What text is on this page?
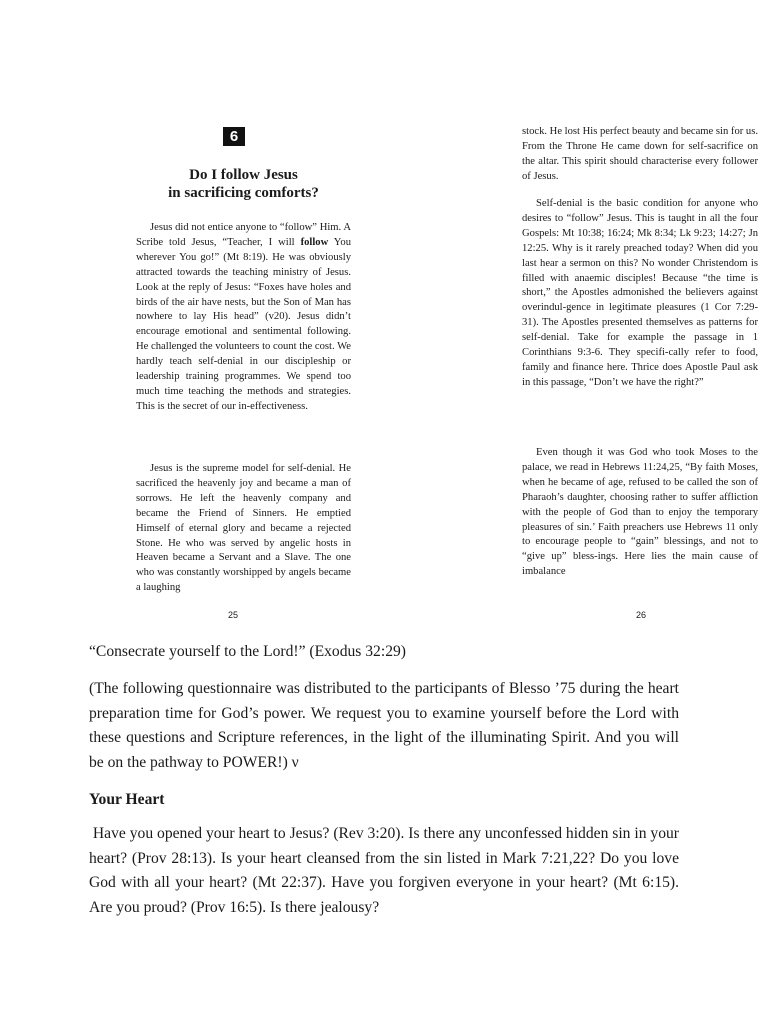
6
Do I follow Jesus
in sacrificing comforts?

Jesus did not entice anyone to “follow” Him. A Scribe told Jesus, “Teacher, I will follow You wherever You go!” (Mt 8:19). He was obviously attracted towards the teaching ministry of Jesus. Look at the reply of Jesus: “Foxes have holes and birds of the air have nests, but the Son of Man has nowhere to lay His head” (v20). Jesus didn’t encourage emotional and sentimental following. He challenged the volunteers to count the cost. We hardly teach self-denial in our discipleship or leadership training programmes. We spend too much time teaching the methods and strategies. This is the secret of our in-effectiveness.

Jesus is the supreme model for self-denial. He sacrificed the heavenly joy and became a man of sorrows. He left the heavenly company and became the Friend of Sinners. He emptied Himself of eternal glory and became a rejected Stone. He who was served by angelic hosts in Heaven became a Servant and a Slave. The one who was constantly worshipped by angels became a laughing

25

stock. He lost His perfect beauty and became sin for us. From the Throne He came down for self-sacrifice on the altar. This spirit should characterise every follower of Jesus.

Self-denial is the basic condition for anyone who desires to “follow” Jesus. This is taught in all the four Gospels: Mt 10:38; 16:24; Mk 8:34; Lk 9:23; 14:27; Jn 12:25. Why is it rarely preached today? When did you last hear a sermon on this? No wonder Christendom is filled with anaemic disciples! Because “the time is short,” the Apostles admonished the believers against overindul-gence in legitimate pleasures (1 Cor 7:29-31). The Apostles presented themselves as patterns for self-denial. Take for example the passage in 1 Corinthians 9:3-6. They specifi-cally refer to food, family and finance here. Thrice does Apostle Paul ask in this passage, “Don’t we have the right?”

Even though it was God who took Moses to the palace, we read in Hebrews 11:24,25, “By faith Moses, when he became of age, refused to be called the son of Pharaoh’s daughter, choosing rather to suffer affliction with the people of God than to enjoy the temporary pleasures of sin.’ Faith preachers use Hebrews 11 only to encourage people to “gain” blessings, and not to “give up” bless-ings. Here lies the main cause of imbalance

26

“Consecrate yourself to the Lord!” (Exodus 32:29)

(The following questionnaire was distributed to the participants of Blesso ’75 during the heart preparation time for God’s power. We request you to examine yourself before the Lord with these questions and Scripture references, in the light of the illuminating Spirit. And you will be on the pathway to POWER!) ν

Your Heart

Have you opened your heart to Jesus? (Rev 3:20). Is there any unconfessed hidden sin in your heart? (Prov 28:13). Is your heart cleansed from the sin listed in Mark 7:21,22? Do you love God with all your heart? (Mt 22:37). Have you forgiven everyone in your heart? (Mt 6:15). Are you proud? (Prov 16:5). Is there jealousy?
